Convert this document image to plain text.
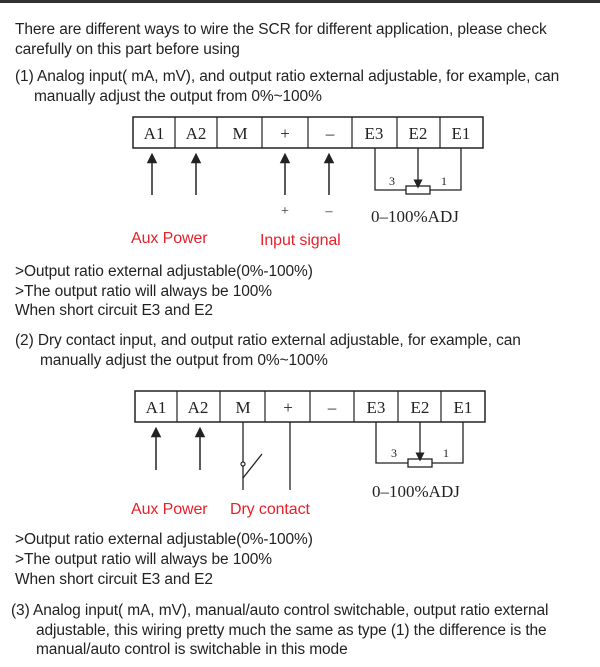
There are different ways to wire the SCR for different application, please check
carefully on this part before using
(1) Analog input( mA, mV), and output ratio external adjustable, for example, can
manually adjust the output from 0%~100%
A1 A2 M + – E3 E2 E1
+	–
3	1
0–100%ADJ
A1 A2 M + – E3 E2 E1
3	1
0–100%ADJ
Aux Power	Input signal
>Output ratio external adjustable(0%-100%)
>The output ratio will always be 100%
When short circuit E3 and E2
(2) Dry contact input, and output ratio external adjustable, for example, can
manually adjust the output from 0%~100%
Aux Power Dry contact
>Output ratio external adjustable(0%-100%)
>The output ratio will always be 100%
When short circuit E3 and E2
(3) Analog input( mA, mV), manual/auto control switchable, output ratio external
adjustable, this wiring pretty much the same as type (1) the difference is the
manual/auto control is switchable in this mode
